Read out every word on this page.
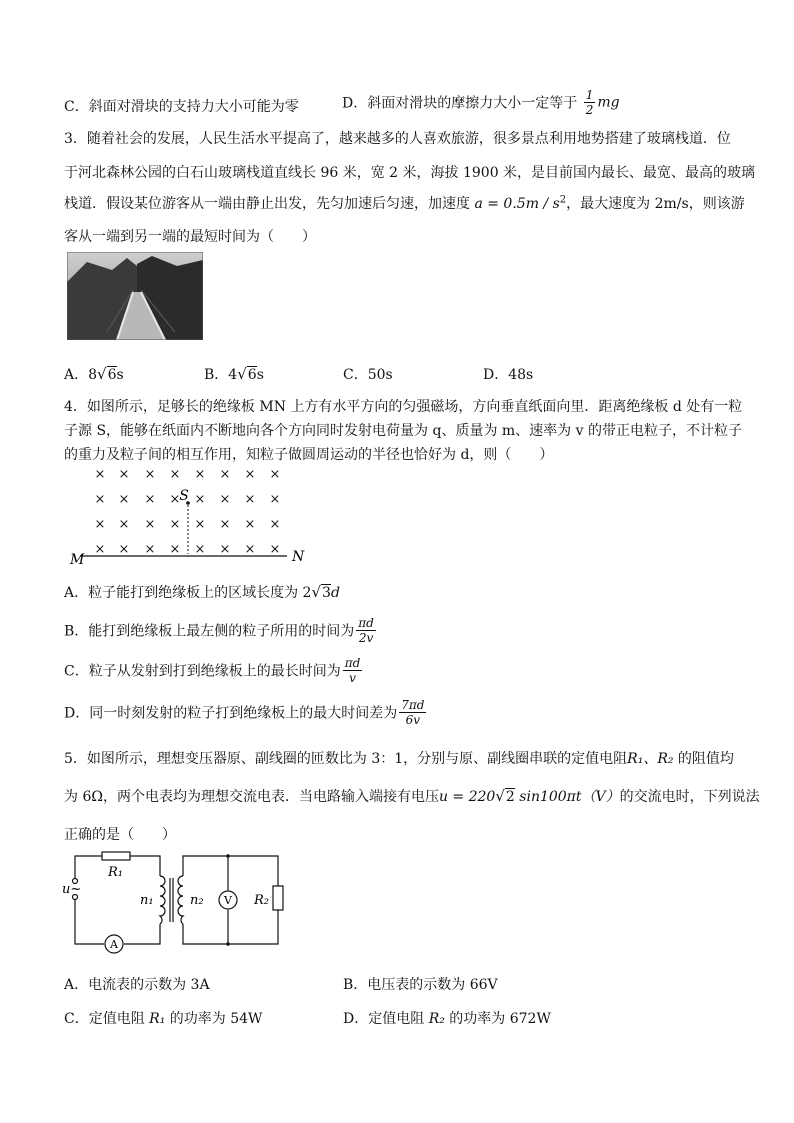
C．斜面对滑块的支持力大小可能为零	D．斜面对滑块的摩擦力大小一定等于 $\frac{1}{2}$ mg
3．随着社会的发展，人民生活水平提高了，越来越多的人喜欢旅游，很多景点利用地势搭建了玻璃栈道．位
于河北森林公园的白石山玻璃栈道直线长 96 米，宽 2 米，海拔 1900 米，是目前国内最长、最宽、最高的玻璃
栈道．假设某位游客从一端由静止出发，先匀加速后匀速，加速度 $a = 0.5m / s^2$，最大速度为 2m/s，则该游
客从一端到另一端的最短时间为（　　）
A．8√6s	B．4√6s	C．50s	D．48s
4．如图所示，足够长的绝缘板 MN 上方有水平方向的匀强磁场，方向垂直纸面向里．距离绝缘板 d 处有一粒
子源 S，能够在纸面内不断地向各个方向同时发射电荷量为 q、质量为 m、速率为 v 的带正电粒子，不计粒子
的重力及粒子间的相互作用，知粒子做圆周运动的半径也恰好为 d，则（　　）
× × × × × × × ×
× × × × × × × ×
× × × × × × × ×
× × × × × × × ×
S
M	N
A．粒子能打到绝缘板上的区域长度为 2√3d
B．能打到绝缘板上最左侧的粒子所用的时间为 $\frac{\pi d}{2v}$
C．粒子从发射到打到绝缘板上的最长时间为 $\frac{\pi d}{v}$
D．同一时刻发射的粒子打到绝缘板上的最大时间差为 $\frac{7\pi d}{6v}$
5．如图所示，理想变压器原、副线圈的匝数比为 3：1，分别与原、副线圈串联的定值电阻R₁、R₂ 的阻值均
为 6Ω，两个电表均为理想交流电表．当电路输入端接有电压u = 220√2 sin100πt（V）的交流电时，下列说法
正确的是（　　）
R₁
n₁	n₂	R₂
u~
A
V
A．电流表的示数为 3A	B．电压表的示数为 66V
C．定值电阻 R₁ 的功率为 54W	D．定值电阻 R₂ 的功率为 672W
